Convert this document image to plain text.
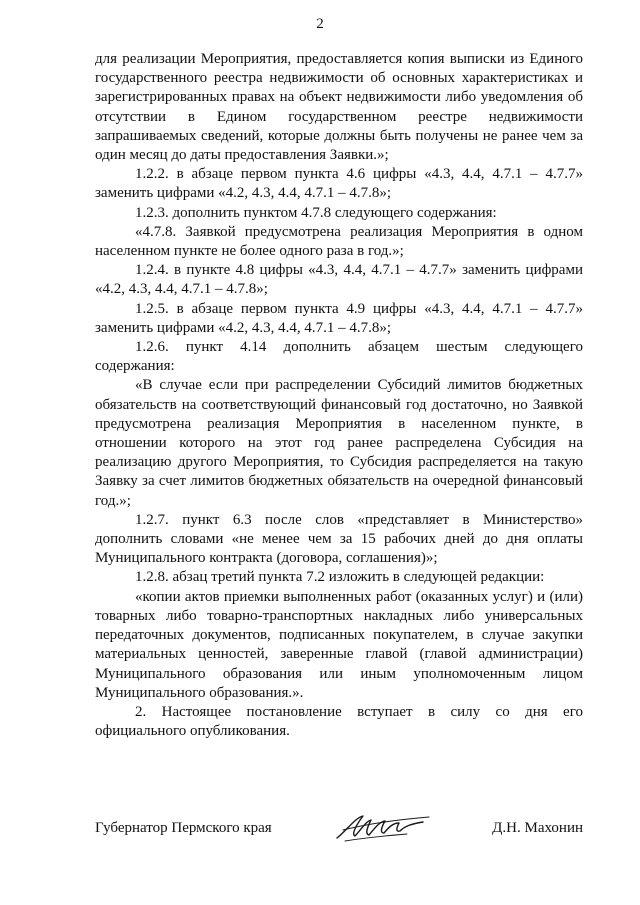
2

для реализации Мероприятия, предоставляется копия выписки из Единого государственного реестра недвижимости об основных характеристиках и зарегистрированных правах на объект недвижимости либо уведомления об отсутствии в Едином государственном реестре недвижимости запрашиваемых сведений, которые должны быть получены не ранее чем за один месяц до даты предоставления Заявки.»;

1.2.2. в абзаце первом пункта 4.6 цифры «4.3, 4.4, 4.7.1 – 4.7.7» заменить цифрами «4.2, 4.3, 4.4, 4.7.1 – 4.7.8»;

1.2.3. дополнить пунктом 4.7.8 следующего содержания:

«4.7.8. Заявкой предусмотрена реализация Мероприятия в одном населенном пункте не более одного раза в год.»;

1.2.4. в пункте 4.8 цифры «4.3, 4.4, 4.7.1 – 4.7.7» заменить цифрами «4.2, 4.3, 4.4, 4.7.1 – 4.7.8»;

1.2.5. в абзаце первом пункта 4.9 цифры «4.3, 4.4, 4.7.1 – 4.7.7» заменить цифрами «4.2, 4.3, 4.4, 4.7.1 – 4.7.8»;

1.2.6. пункт 4.14 дополнить абзацем шестым следующего содержания:

«В случае если при распределении Субсидий лимитов бюджетных обязательств на соответствующий финансовый год достаточно, но Заявкой предусмотрена реализация Мероприятия в населенном пункте, в отношении которого на этот год ранее распределена Субсидия на реализацию другого Мероприятия, то Субсидия распределяется на такую Заявку за счет лимитов бюджетных обязательств на очередной финансовый год.»;

1.2.7. пункт 6.3 после слов «представляет в Министерство» дополнить словами «не менее чем за 15 рабочих дней до дня оплаты Муниципального контракта (договора, соглашения)»;

1.2.8. абзац третий пункта 7.2 изложить в следующей редакции:

«копии актов приемки выполненных работ (оказанных услуг) и (или) товарных либо товарно-транспортных накладных либо универсальных передаточных документов, подписанных покупателем, в случае закупки материальных ценностей, заверенные главой (главой администрации) Муниципального образования или иным уполномоченным лицом Муниципального образования.».

2. Настоящее постановление вступает в силу со дня его официального опубликования.

Губернатор Пермского края	Д.Н. Махонин
